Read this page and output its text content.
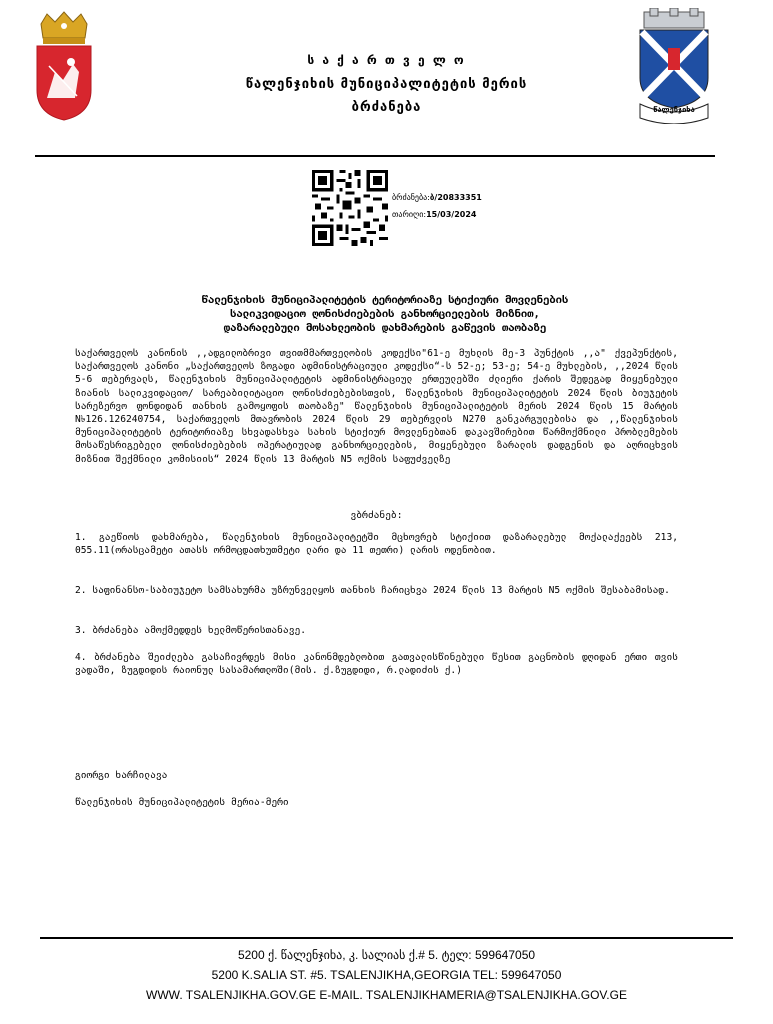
წალენჯიხა
ს ა ქ ა რ თ ვ ე ლ ო
წალენჯიხის მუნიციპალიტეტის მერის
ბრძანება
ბრძანება:ბ/20833351
თარიღი:15/03/2024
წალენჯიხის მუნიციპალიტეტის ტერიტორიაზე სტიქიური მოვლენების
სალიკვიდაციო ღონისძიებების განხორციელების მიზნით,
დაზარალებული მოსახლეობის დახმარების გაწევის თაობაზე
საქართველოს კანონის ,,ადგილობრივი თვითმმართველობის კოდექსი"61-ე მუხლის მე-3 პუნქტის ,,ა" ქვეპუნქტის, საქართველოს კანონი „საქართველოს ზოგადი ადმინისტრაციული კოდექსი“-ს 52-ე; 53-ე; 54-ე მუხლების, ,,2024 წლის 5-6 თებერვალს, წალენჯიხის მუნიციპალიტეტის ადმინისტრაციულ ერთეულებში ძლიერი ქარის შედეგად მიყენებული ზიანის სალიკვიდაციო/ სარეაბილიტაციო ღონისძიებებისთვის, წალენჯიხის მუნიციპალიტეტის 2024 წლის ბიუჯეტის სარეზერვო ფონდიდან თანხის გამოყოფის თაობაზე" წალენჯიხის მუნიციპალიტეტის მერის 2024 წლის 15 მარტის N৳126.126240754, საქართველოს მთავრობის 2024 წლის 29 თებერვლის N270 განკარგულებისა და ,,წალენჯიხის მუნიციპალიტეტის ტერიტორიაზე სხვადასხვა სახის სტიქიურ მოვლენებთან დაკავშირებით წარმოქმნილი პრობლემების მოსაწესრიგებელი ღონისძიებების ოპერატიულად განხორციელების, მიყენებული ზარალის დადგენის და აღრიცხვის მიზნით შექმნილი კომისიის“ 2024 წლის 13 მარტის N5 ოქმის საფუძველზე
ვბრძანებ:
1. გაეწიოს დახმარება, წალენჯიხის მუნიციპალიტეტში მცხოვრებ სტიქიით დაზარალებულ მოქალაქეებს 213, 055.11(ორასცამეტი ათასს ორმოცდათხუთმეტი ლარი და 11 თეთრი) ლარის ოდენობით.
2. საფინანსო-საბიუჯეტო სამსახურმა უზრუნველყოს თანხის ჩარიცხვა 2024 წლის 13 მარტის N5 ოქმის შესაბამისად.
3. ბრძანება ამოქმედდეს ხელმოწერისთანავე.
4. ბრძანება შეიძლება გასაჩივრდეს მისი კანონმდებლობით გათვალისწინებული წესით გაცნობის დღიდან ერთი თვის ვადაში, ზუგდიდის რაიონულ სასამართლოში(მის. ქ.ზუგდიდი, რ.ლადიძის ქ.)
გიორგი ხარჩილავა
წალენჯიხის მუნიციპალიტეტის მერია-მერი
5200 ქ. წალენჯიხა, კ. სალიას ქ.# 5. ტელ: 599647050
5200 K.SALIA ST. #5. TSALENJIKHA,GEORGIA TEL: 599647050
WWW. TSALENJIKHA.GOV.GE E-MAIL. TSALENJIKHAMERIA@TSALENJIKHA.GOV.GE
